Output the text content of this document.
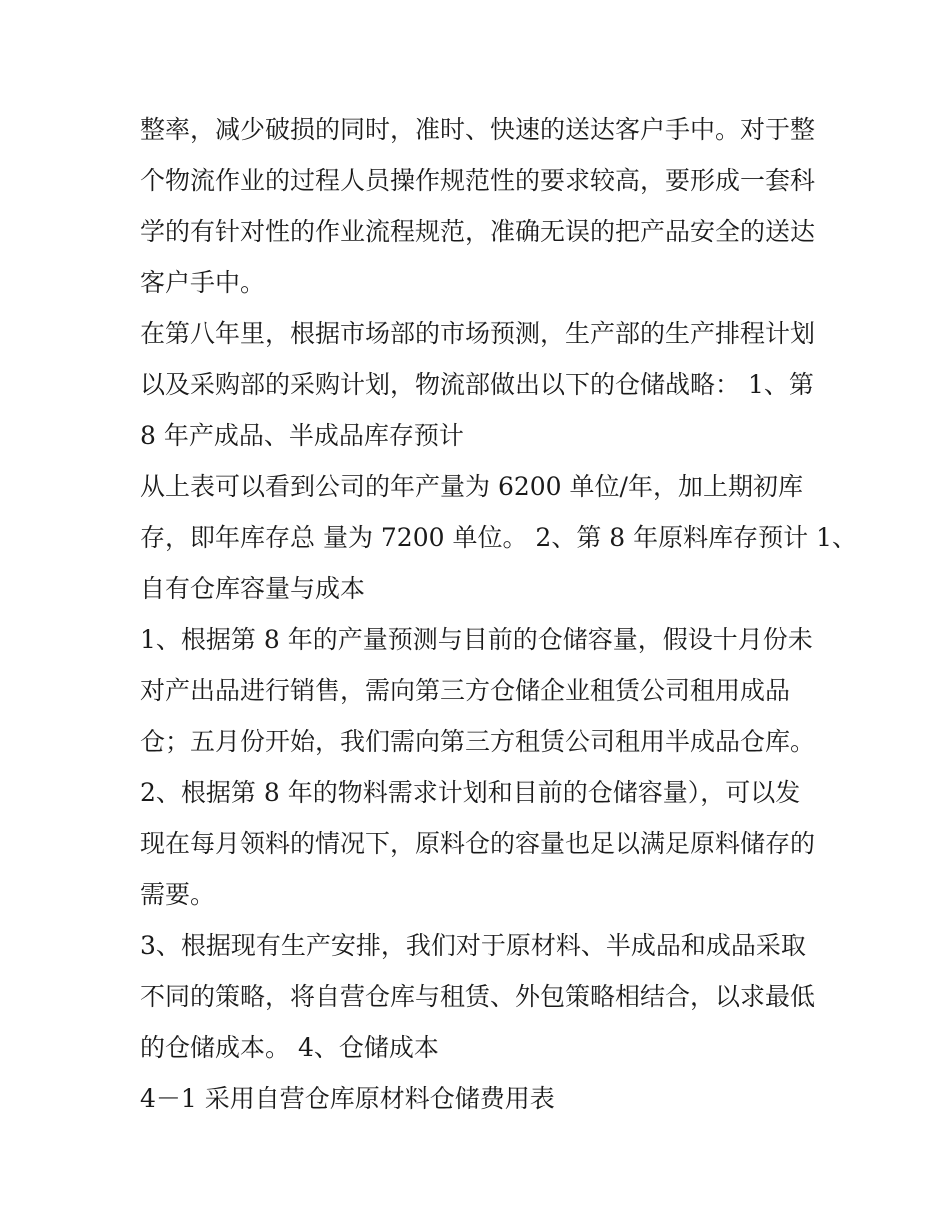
整率，减少破损的同时，准时、快速的送达客户手中。对于整
个物流作业的过程人员操作规范性的要求较高，要形成一套科
学的有针对性的作业流程规范，准确无误的把产品安全的送达
客户手中。
在第八年里，根据市场部的市场预测，生产部的生产排程计划
以及采购部的采购计划，物流部做出以下的仓储战略： 1、第
8 年产成品、半成品库存预计
从上表可以看到公司的年产量为 6200 单位/年，加上期初库
存，即年库存总 量为 7200 单位。 2、第 8 年原料库存预计 1、
自有仓库容量与成本
1、根据第 8 年的产量预测与目前的仓储容量，假设十月份未
对产出品进行销售，需向第三方仓储企业租赁公司租用成品
仓；五月份开始，我们需向第三方租赁公司租用半成品仓库。
2、根据第 8 年的物料需求计划和目前的仓储容量），可以发
现在每月领料的情况下，原料仓的容量也足以满足原料储存的
需要。
3、根据现有生产安排，我们对于原材料、半成品和成品采取
不同的策略，将自营仓库与租赁、外包策略相结合，以求最低
的仓储成本。 4、仓储成本
4－1 采用自营仓库原材料仓储费用表
